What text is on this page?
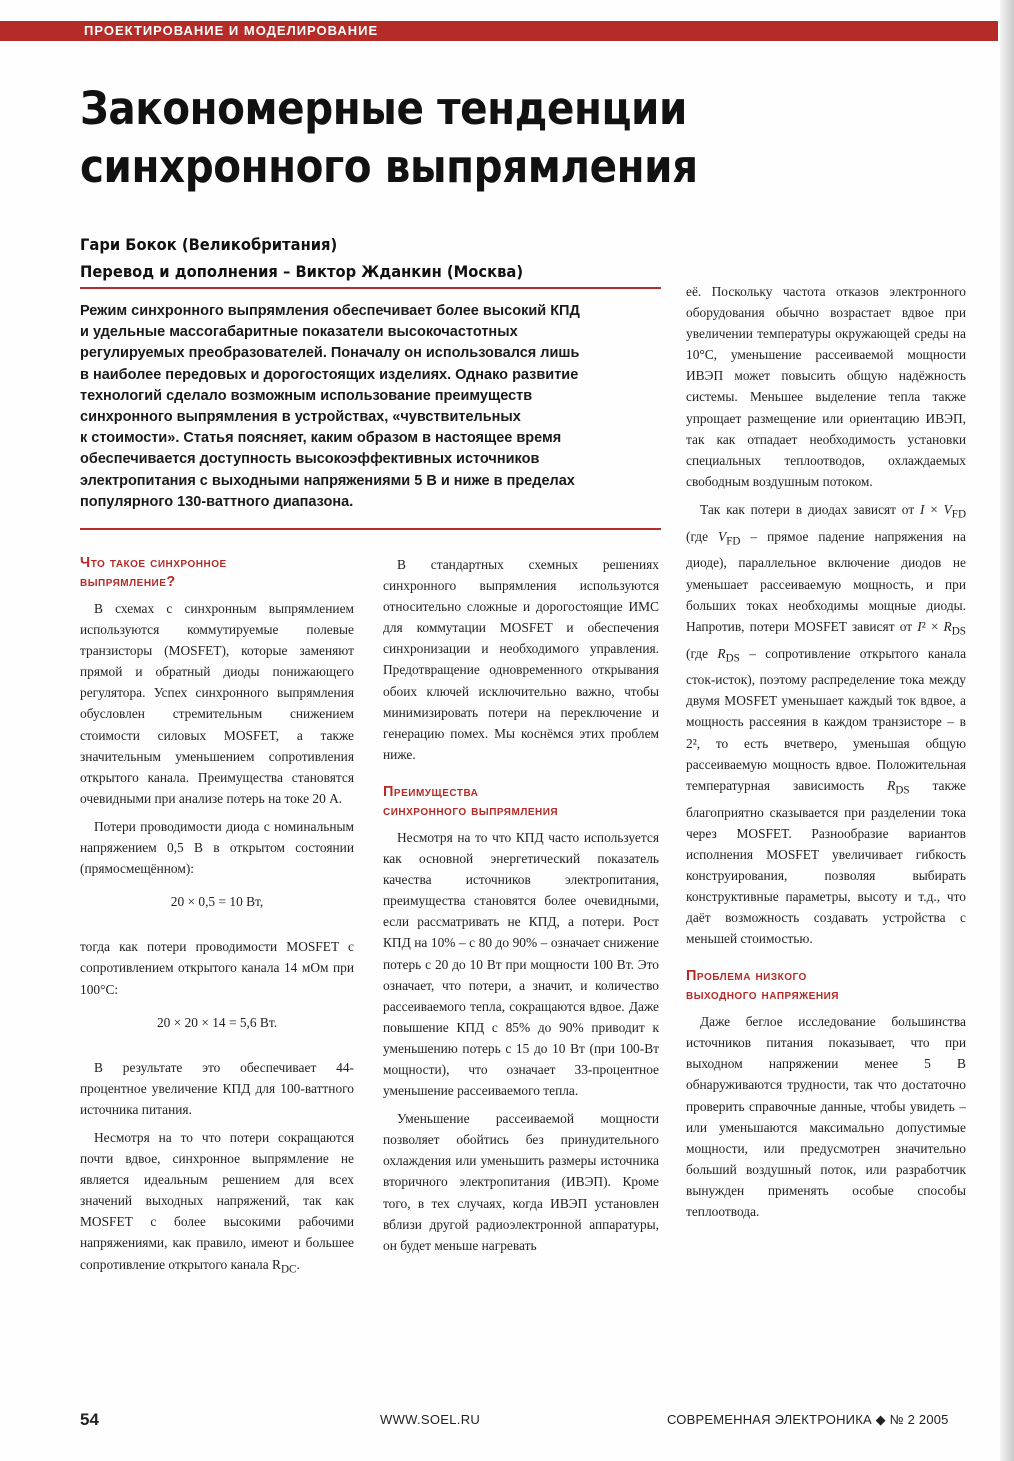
ПРОЕКТИРОВАНИЕ И МОДЕЛИРОВАНИЕ
Закономерные тенденции
синхронного выпрямления
Гари Бокок (Великобритания)
Перевод и дополнения – Виктор Жданкин (Москва)
Режим синхронного выпрямления обеспечивает более высокий КПД
и удельные массогабаритные показатели высокочастотных
регулируемых преобразователей. Поначалу он использовался лишь
в наиболее передовых и дорогостоящих изделиях. Однако развитие
технологий сделало возможным использование преимуществ
синхронного выпрямления в устройствах, «чувствительных
к стоимости». Статья поясняет, каким образом в настоящее время
обеспечивается доступность высокоэффективных источников
электропитания с выходными напряжениями 5 В и ниже в пределах
популярного 130-ваттного диапазона.
Что такое синхронное
выпрямление?

В схемах с синхронным выпрямлением используются коммутируемые полевые транзисторы (MOSFET), которые заменяют прямой и обратный диоды понижающего регулятора. Успех синхронного выпрямления обусловлен стремительным снижением стоимости силовых MOSFET, а также значительным уменьшением сопротивления открытого канала. Преимущества становятся очевидными при анализе потерь на токе 20 А.

Потери проводимости диода с номинальным напряжением 0,5 В в открытом состоянии (прямосмещённом):

20 × 0,5 = 10 Вт,

тогда как потери проводимости MOSFET с сопротивлением открытого канала 14 мОм при 100°С:

20 × 20 × 14 = 5,6 Вт.

В результате это обеспечивает 44-процентное увеличение КПД для 100-ваттного источника питания.

Несмотря на то что потери сокращаются почти вдвое, синхронное выпрямление не является идеальным решением для всех значений выходных напряжений, так как MOSFET с более высокими рабочими напряжениями, как правило, имеют и большее сопротивление открытого канала $R_{DC}$.

В стандартных схемных решениях синхронного выпрямления используются относительно сложные и дорогостоящие ИМС для коммутации MOSFET и обеспечения синхронизации и необходимого управления. Предотвращение одновременного открывания обоих ключей исключительно важно, чтобы минимизировать потери на переключение и генерацию помех. Мы коснёмся этих проблем ниже.

Преимущества
синхронного выпрямления

Несмотря на то что КПД часто используется как основной энергетический показатель качества источников электропитания, преимущества становятся более очевидными, если рассматривать не КПД, а потери. Рост КПД на 10% – с 80 до 90% – означает снижение потерь с 20 до 10 Вт при мощности 100 Вт. Это означает, что потери, а значит, и количество рассеиваемого тепла, сокращаются вдвое. Даже повышение КПД с 85% до 90% приводит к уменьшению потерь с 15 до 10 Вт (при 100-Вт мощности), что означает 33-процентное уменьшение рассеиваемого тепла.

Уменьшение рассеиваемой мощности позволяет обойтись без принудительного охлаждения или уменьшить размеры источника вторичного электропитания (ИВЭП). Кроме того, в тех случаях, когда ИВЭП установлен вблизи другой радиоэлектронной аппаратуры, он будет меньше нагревать

её. Поскольку частота отказов электронного оборудования обычно возрастает вдвое при увеличении температуры окружающей среды на 10°С, уменьшение рассеиваемой мощности ИВЭП может повысить общую надёжность системы. Меньшее выделение тепла также упрощает размещение или ориентацию ИВЭП, так как отпадает необходимость установки специальных теплоотводов, охлаждаемых свободным воздушным потоком.

Так как потери в диодах зависят от $I \times V_{FD}$ (где $V_{FD}$ – прямое падение напряжения на диоде), параллельное включение диодов не уменьшает рассеиваемую мощность, и при больших токах необходимы мощные диоды. Напротив, потери MOSFET зависят от $I^2 \times R_{DS}$ (где $R_{DS}$ – сопротивление открытого канала сток-исток), поэтому распределение тока между двумя MOSFET уменьшает каждый ток вдвое, а мощность рассеяния в каждом транзисторе – в 2², то есть вчетверо, уменьшая общую рассеиваемую мощность вдвое. Положительная температурная зависимость $R_{DS}$ также благоприятно сказывается при разделении тока через MOSFET. Разнообразие вариантов исполнения MOSFET увеличивает гибкость конструирования, позволяя выбирать конструктивные параметры, высоту и т.д., что даёт возможность создавать устройства с меньшей стоимостью.

Проблема низкого
выходного напряжения

Даже беглое исследование большинства источников питания показывает, что при выходном напряжении менее 5 В обнаруживаются трудности, так что достаточно проверить справочные данные, чтобы увидеть – или уменьшаются максимально допустимые мощности, или предусмотрен значительно больший воздушный поток, или разработчик вынужден применять особые способы теплоотвода.

54	WWW.SOEL.RU	СОВРЕМЕННАЯ ЭЛЕКТРОНИКА ◆ № 2 2005
